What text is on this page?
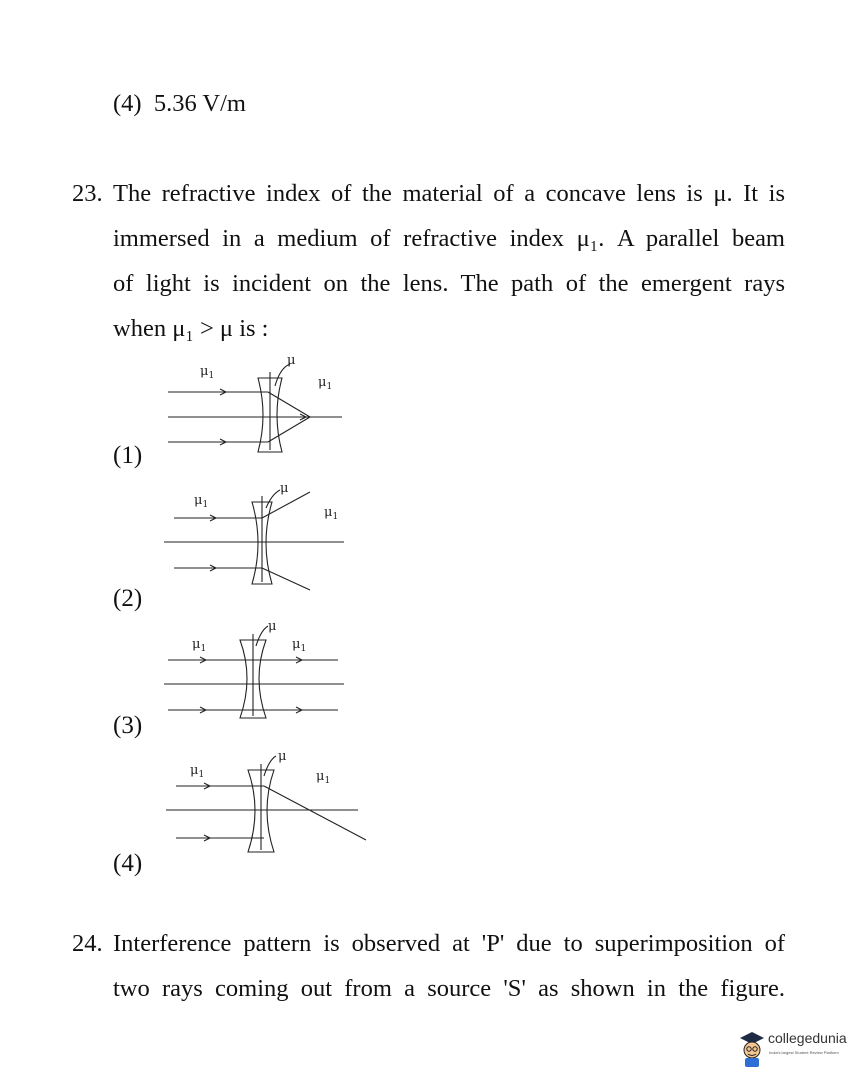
(4) 5.36 V/m
23. The refractive index of the material of a concave lens is μ. It is
immersed in a medium of refractive index μ₁. A parallel beam
of light is incident on the lens. The path of the emergent rays
when μ₁ > μ is :
(1)
(2)
(3)
(4)
$\mu_1$
μ
$\mu_1$
$\mu_1$
μ
$\mu_1$
$\mu_1$
μ
$\mu_1$
$\mu_1$
μ
$\mu_1$
24. Interference pattern is observed at 'P' due to superimposition of
two rays coming out from a source 'S' as shown in the figure.
collegedunia
India's largest Student Review Platform
